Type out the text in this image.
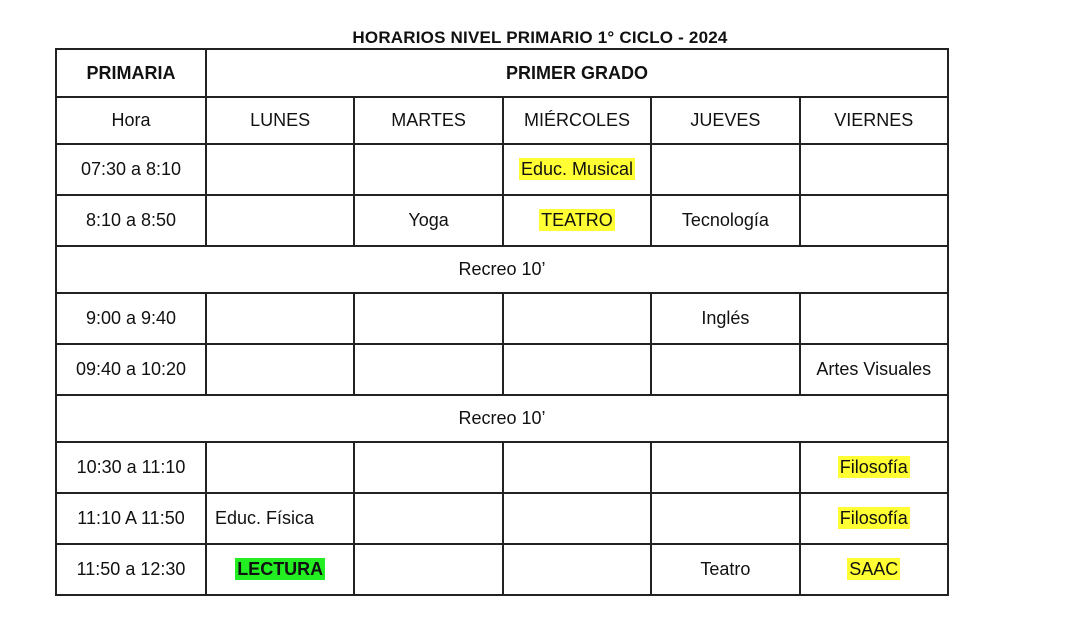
HORARIOS NIVEL PRIMARIO 1° CICLO - 2024
PRIMARIA	PRIMER GRADO				
Hora	LUNES	MARTES	MIÉRCOLES	JUEVES	VIERNES
07:30 a 8:10			Educ. Musical		
8:10 a 8:50		Yoga	TEATRO	Tecnología	
Recreo 10’					
9:00 a 9:40				Inglés	
09:40 a 10:20					Artes Visuales
Recreo 10’					
10:30 a 11:10					Filosofía
11:10 A 11:50	Educ. Física				Filosofía
11:50 a 12:30	LECTURA			Teatro	SAAC
